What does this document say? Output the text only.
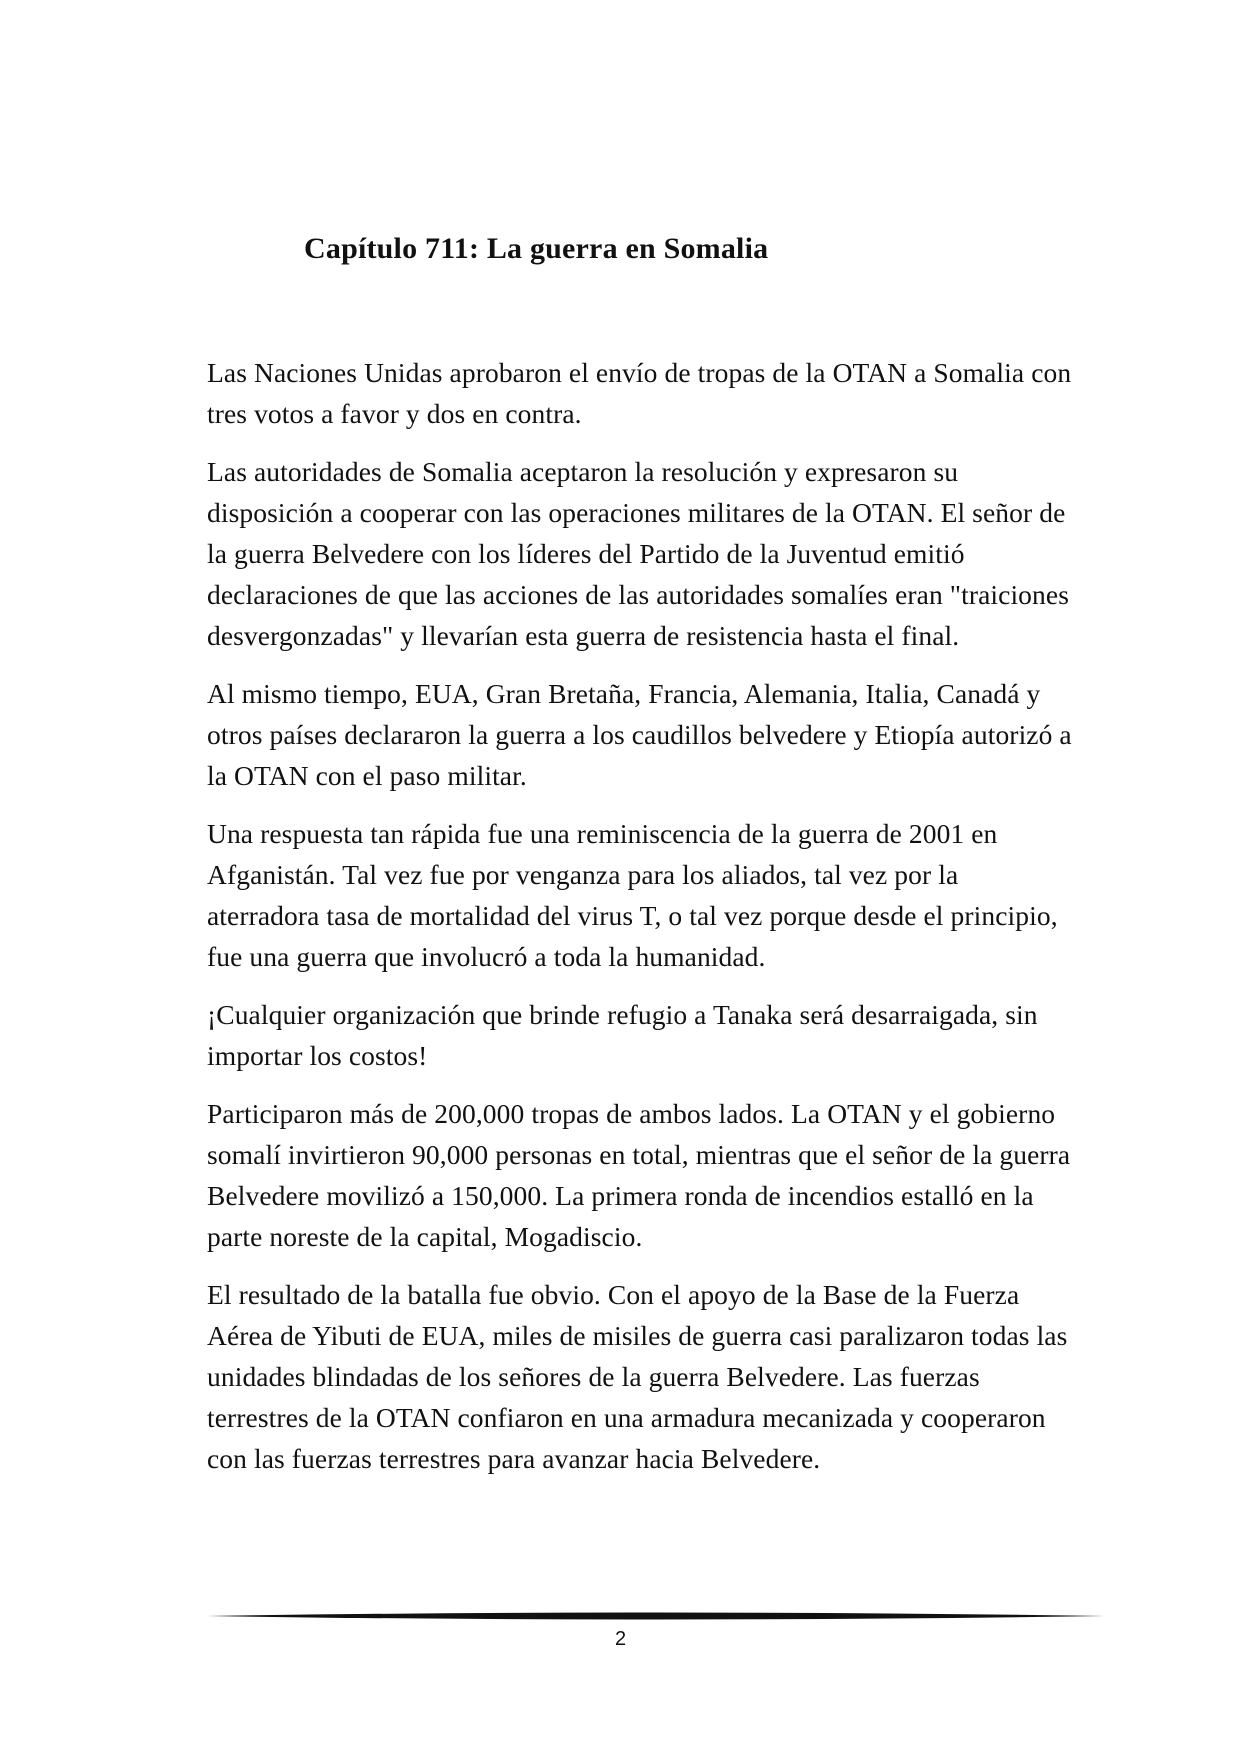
Capítulo 711: La guerra en Somalia

Las Naciones Unidas aprobaron el envío de tropas de la OTAN a Somalia con tres votos a favor y dos en contra.

Las autoridades de Somalia aceptaron la resolución y expresaron su disposición a cooperar con las operaciones militares de la OTAN. El señor de la guerra Belvedere con los líderes del Partido de la Juventud emitió declaraciones de que las acciones de las autoridades somalíes eran "traiciones desvergonzadas" y llevarían esta guerra de resistencia hasta el final.

Al mismo tiempo, EUA, Gran Bretaña, Francia, Alemania, Italia, Canadá y otros países declararon la guerra a los caudillos belvedere y Etiopía autorizó a la OTAN con el paso militar.

Una respuesta tan rápida fue una reminiscencia de la guerra de 2001 en Afganistán. Tal vez fue por venganza para los aliados, tal vez por la aterradora tasa de mortalidad del virus T, o tal vez porque desde el principio, fue una guerra que involucró a toda la humanidad.

¡Cualquier organización que brinde refugio a Tanaka será desarraigada, sin importar los costos!

Participaron más de 200,000 tropas de ambos lados. La OTAN y el gobierno somalí invirtieron 90,000 personas en total, mientras que el señor de la guerra Belvedere movilizó a 150,000. La primera ronda de incendios estalló en la parte noreste de la capital, Mogadiscio.

El resultado de la batalla fue obvio. Con el apoyo de la Base de la Fuerza Aérea de Yibuti de EUA, miles de misiles de guerra casi paralizaron todas las unidades blindadas de los señores de la guerra Belvedere. Las fuerzas terrestres de la OTAN confiaron en una armadura mecanizada y cooperaron con las fuerzas terrestres para avanzar hacia Belvedere.

2
